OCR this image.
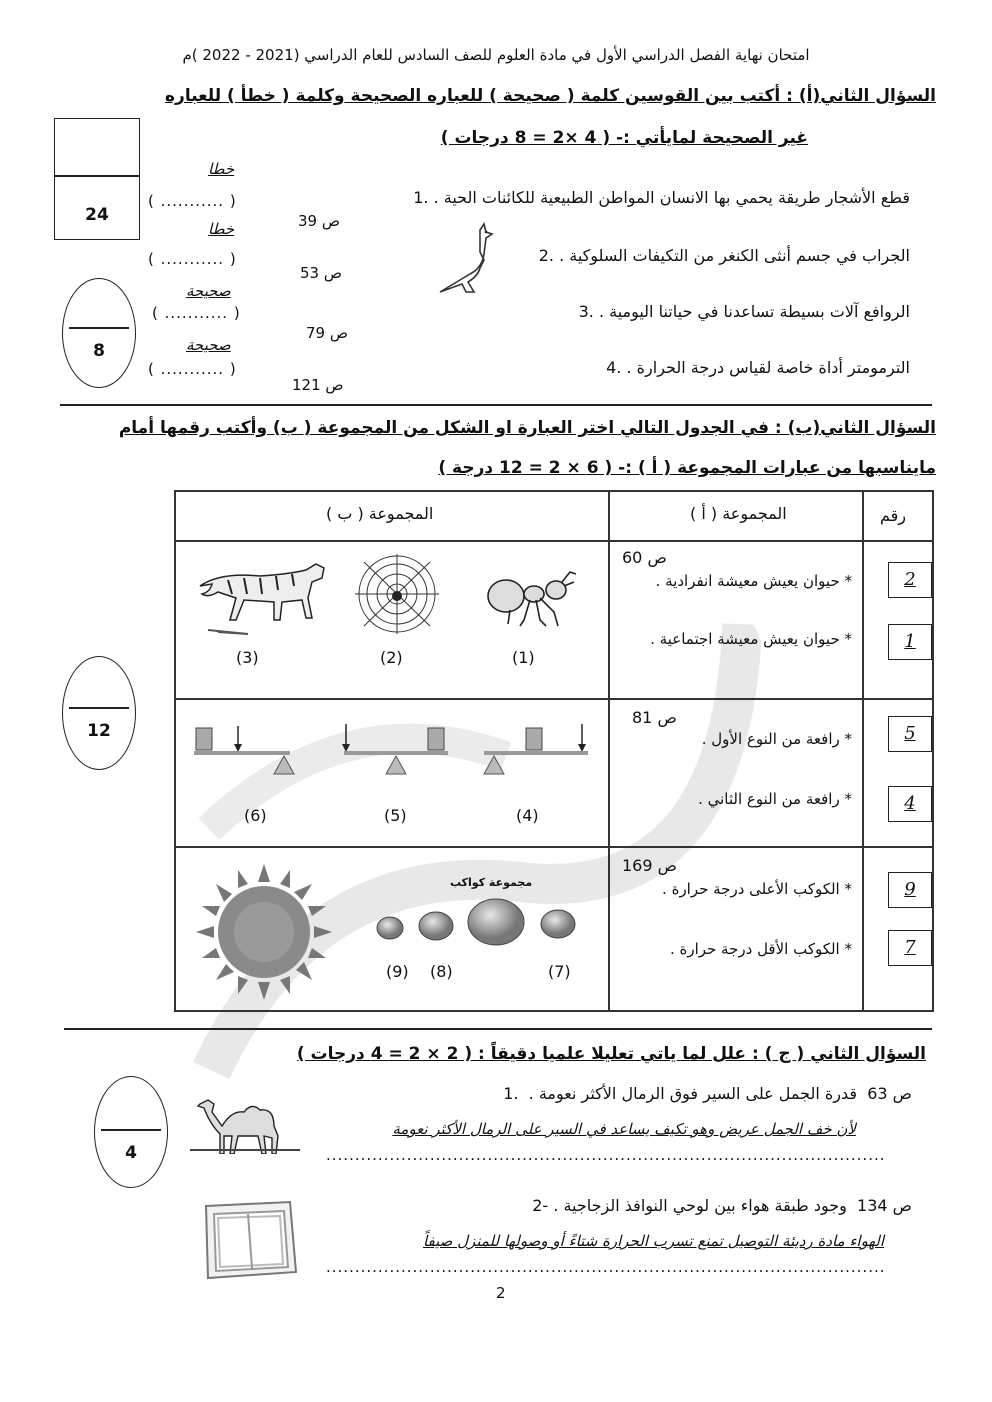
امتحان نهاية الفصل الدراسي الأول في مادة العلوم للصف السادس للعام الدراسي (2021 - 2022 )م
السؤال الثاني(أ) : أكتب بين القوسين كلمة ( صحيحة ) للعباره الصحيحة وكلمة ( خطأ ) للعباره
غير الصحيحة لمايأتي :- ( 4 ×2 = 8 درجات )
24
8
قطع الأشجار طريقة يحمي بها الانسان المواطن الطبيعية للكائنات الحية . .1
خطا
( ........... )
ص 39
الجراب في جسم أنثى الكنغر من التكيفات السلوكية . .2
خطا
( ........... )
ص 53
الروافع آلات بسيطة تساعدنا في حياتنا اليومية . .3
صحيحة
( ........... )
ص 79
الترمومتر أداة خاصة لقياس درجة الحرارة . .4
صحيحة
( ........... )
ص 121
السؤال الثاني(ب) : في الجدول التالي اختر العبارة او الشكل من المجموعة ( ب) وأكتب رقمها أمام
مايناسبها من عبارات المجموعة ( أ ) :- ( 6 × 2 = 12 درجة )
12
رقم
المجموعة ( أ )
المجموعة ( ب )
ص 60
* حيوان يعيش معيشة انفرادية .
* حيوان يعيش معيشة اجتماعية .
2
1
(3)	(2)	(1)
ص 81
* رافعة من النوع الأول .
* رافعة من النوع الثاني .
5
4
(6)	(5)	(4)
ص 169
* الكوكب الأعلى درجة حرارة .
* الكوكب الأقل درجة حرارة .
9
7
مجموعة كواكب
(9) (8)	(7)
السؤال الثاني ( ج ) : علل لما ياتي تعليلا علميا دقيقاً : ( 2 × 2 = 4 درجات )
4
ص 63  قدرة الجمل على السير فوق الرمال الأكثر نعومة .  .1
لأن خف الجمل عريض وهو تكيف يساعد في السير على الرمال الأكثر نعومة
.................................................................................................
ص 134  وجود طبقة هواء بين لوحي النوافذ الزجاجية . -2
الهواء مادة رديئة التوصيل تمنع تسرب الحرارة شتاءً أو وصولها للمنزل صيفاً
.................................................................................................
2
